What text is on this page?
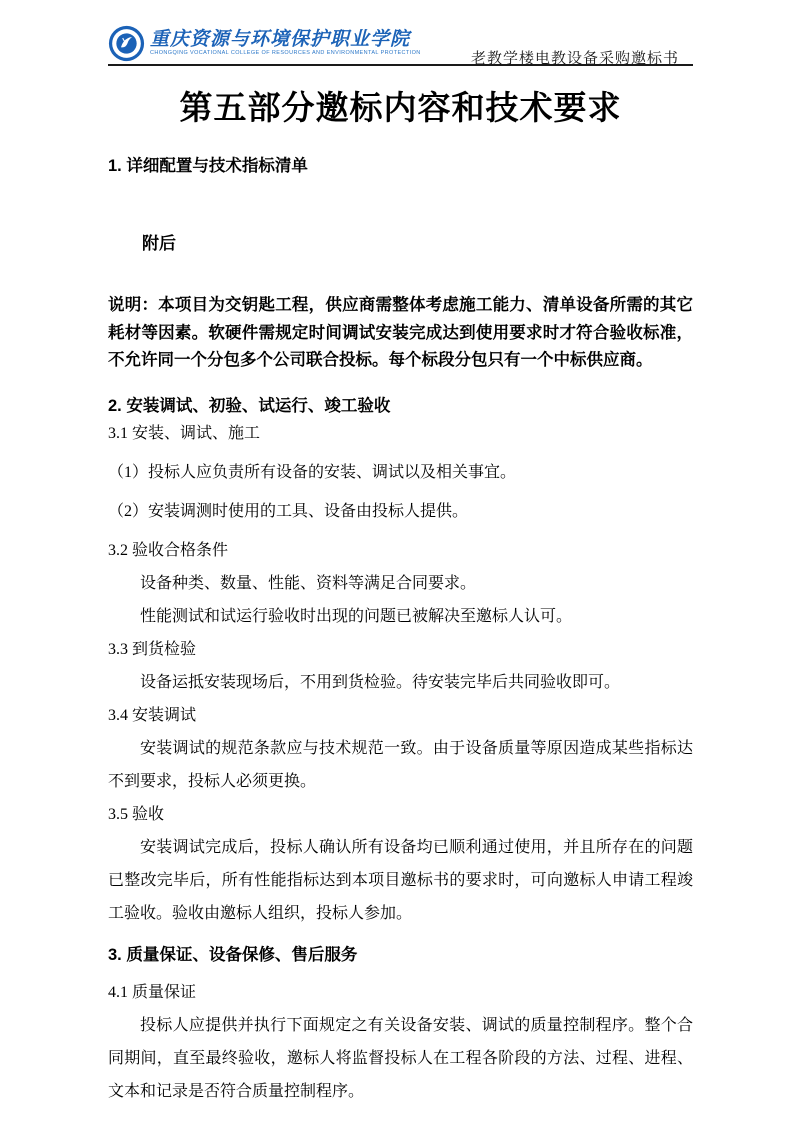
重庆资源与环境保护职业学院
CHONGQING VOCATIONAL COLLEGE OF RESOURCES AND ENVIRONMENTAL PROTECTION	老教学楼电教设备采购邀标书
第五部分邀标内容和技术要求

1. 详细配置与技术指标清单

附后

说明：本项目为交钥匙工程，供应商需整体考虑施工能力、清单设备所需的其它耗材等因素。软硬件需规定时间调试安装完成达到使用要求时才符合验收标准，不允许同一个分包多个公司联合投标。每个标段分包只有一个中标供应商。

2. 安装调试、初验、试运行、竣工验收

3.1 安装、调试、施工

（1）投标人应负责所有设备的安装、调试以及相关事宜。

（2）安装调测时使用的工具、设备由投标人提供。

3.2 验收合格条件

设备种类、数量、性能、资料等满足合同要求。

性能测试和试运行验收时出现的问题已被解决至邀标人认可。

3.3 到货检验

设备运抵安装现场后，不用到货检验。待安装完毕后共同验收即可。

3.4 安装调试

安装调试的规范条款应与技术规范一致。由于设备质量等原因造成某些指标达不到要求，投标人必须更换。

3.5 验收

安装调试完成后，投标人确认所有设备均已顺利通过使用，并且所存在的问题已整改完毕后，所有性能指标达到本项目邀标书的要求时，可向邀标人申请工程竣工验收。验收由邀标人组织，投标人参加。

3. 质量保证、设备保修、售后服务

4.1 质量保证

投标人应提供并执行下面规定之有关设备安装、调试的质量控制程序。整个合同期间，直至最终验收，邀标人将监督投标人在工程各阶段的方法、过程、进程、文本和记录是否符合质量控制程序。
